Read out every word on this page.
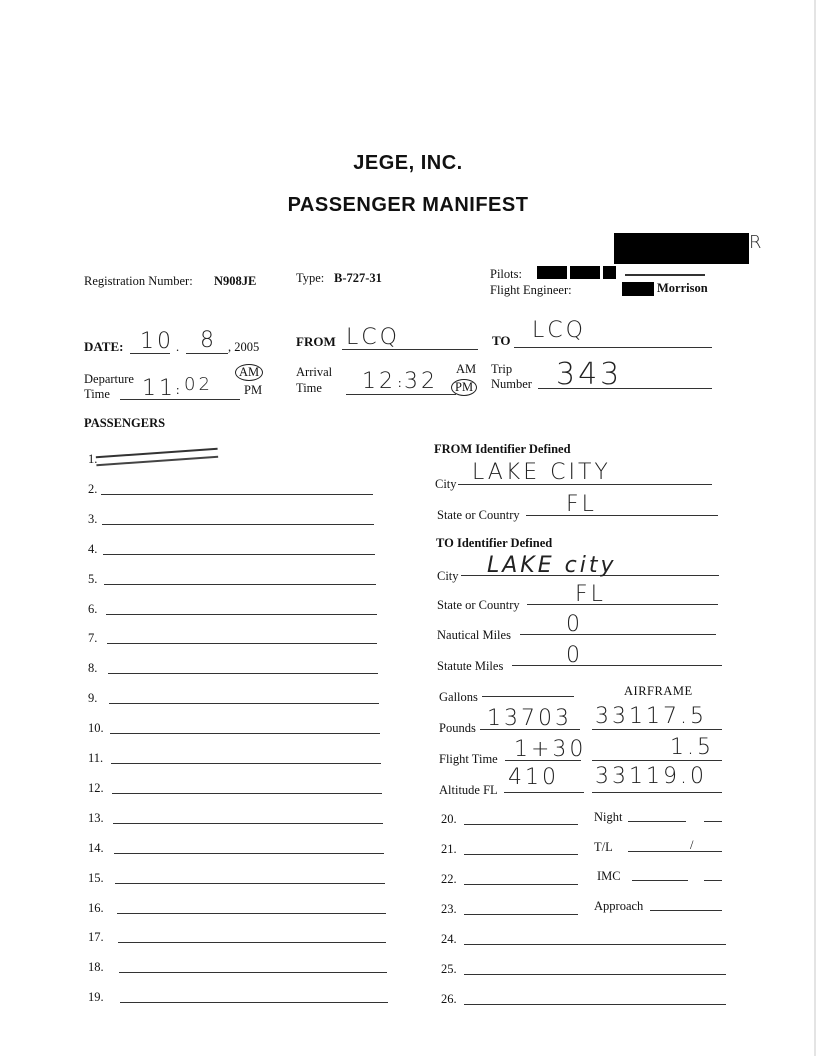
JEGE, INC.
PASSENGER MANIFEST
R
Registration Number: N908JE	Type: B-727-31	Pilots:
Flight Engineer:	Morrison
DATE: 10 . 8 , 2005	FROM LCQ	TO LCQ
Departure
Time 11 : 02
AM
PM
Arrival
Time 12 : 32 AM
PM
Trip
Number 343
PASSENGERS
1.
2.
3.
4.
5.
6.
7.
8.
9.
10.
11.
12.
13.
14.
15.
16.
17.
18.
19.
FROM Identifier Defined
City LAKE CITY
State or Country FL
TO Identifier Defined
City LAKE city
State or Country	FL
Nautical Miles	0
Statute Miles	0
Gallons	AIRFRAME
Pounds 13703 33117.5
Flight Time 1+30	1.5
Altitude FL 410 33119.0
20.
21.
22.
23.
24.
25.
26.
Night
T/L	/
IMC
Approach
